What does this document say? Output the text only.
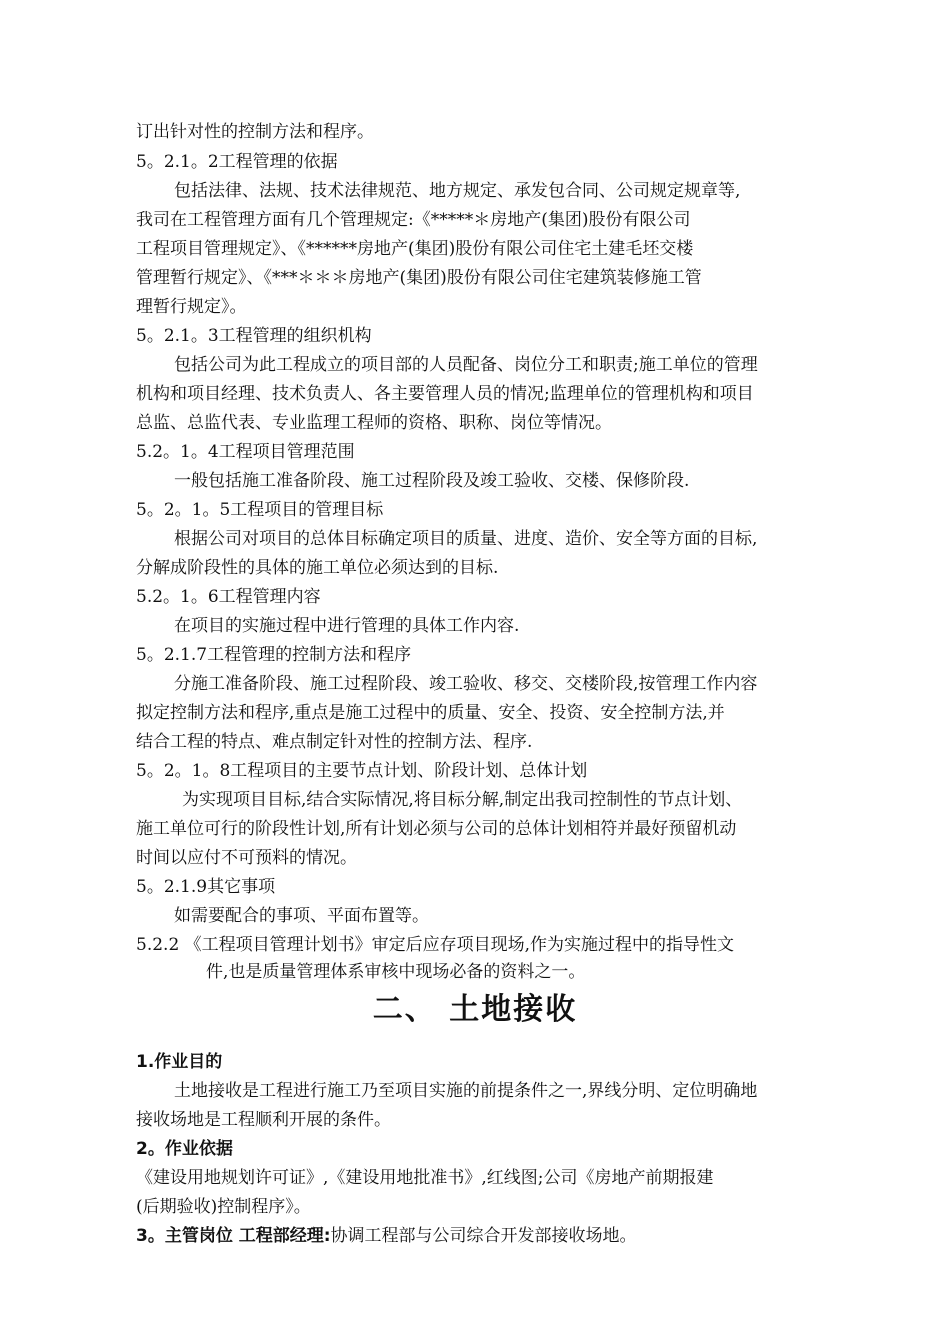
订出针对性的控制方法和程序。
5。2.1。2工程管理的依据
包括法律、法规、技术法律规范、地方规定、承发包合同、公司规定规章等,
我司在工程管理方面有几个管理规定:《*****＊房地产(集团)股份有限公司
工程项目管理规定》、《******房地产(集团)股份有限公司住宅土建毛坯交楼
管理暂行规定》、《***＊＊＊房地产(集团)股份有限公司住宅建筑装修施工管
理暂行规定》。
5。2.1。3工程管理的组织机构
包括公司为此工程成立的项目部的人员配备、岗位分工和职责;施工单位的管理
机构和项目经理、技术负责人、各主要管理人员的情况;监理单位的管理机构和项目
总监、总监代表、专业监理工程师的资格、职称、岗位等情况。
5.2。1。4工程项目管理范围
一般包括施工准备阶段、施工过程阶段及竣工验收、交楼、保修阶段.
5。2。1。5工程项目的管理目标
根据公司对项目的总体目标确定项目的质量、进度、造价、安全等方面的目标,
分解成阶段性的具体的施工单位必须达到的目标.
5.2。1。6工程管理内容
在项目的实施过程中进行管理的具体工作内容.
5。2.1.7工程管理的控制方法和程序
分施工准备阶段、施工过程阶段、竣工验收、移交、交楼阶段,按管理工作内容
拟定控制方法和程序,重点是施工过程中的质量、安全、投资、安全控制方法,并
结合工程的特点、难点制定针对性的控制方法、程序.
5。2。1。8工程项目的主要节点计划、阶段计划、总体计划
为实现项目目标,结合实际情况,将目标分解,制定出我司控制性的节点计划、
施工单位可行的阶段性计划,所有计划必须与公司的总体计划相符并最好预留机动
时间以应付不可预料的情况。
5。2.1.9其它事项
如需要配合的事项、平面布置等。
5.2.2 《工程项目管理计划书》审定后应存项目现场,作为实施过程中的指导性文
件,也是质量管理体系审核中现场必备的资料之一。
二、 土地接收
1.作业目的
土地接收是工程进行施工乃至项目实施的前提条件之一,界线分明、定位明确地
接收场地是工程顺利开展的条件。
2。作业依据
《建设用地规划许可证》,《建设用地批准书》,红线图;公司《房地产前期报建
(后期验收)控制程序》。
3。主管岗位 工程部经理:协调工程部与公司综合开发部接收场地。
